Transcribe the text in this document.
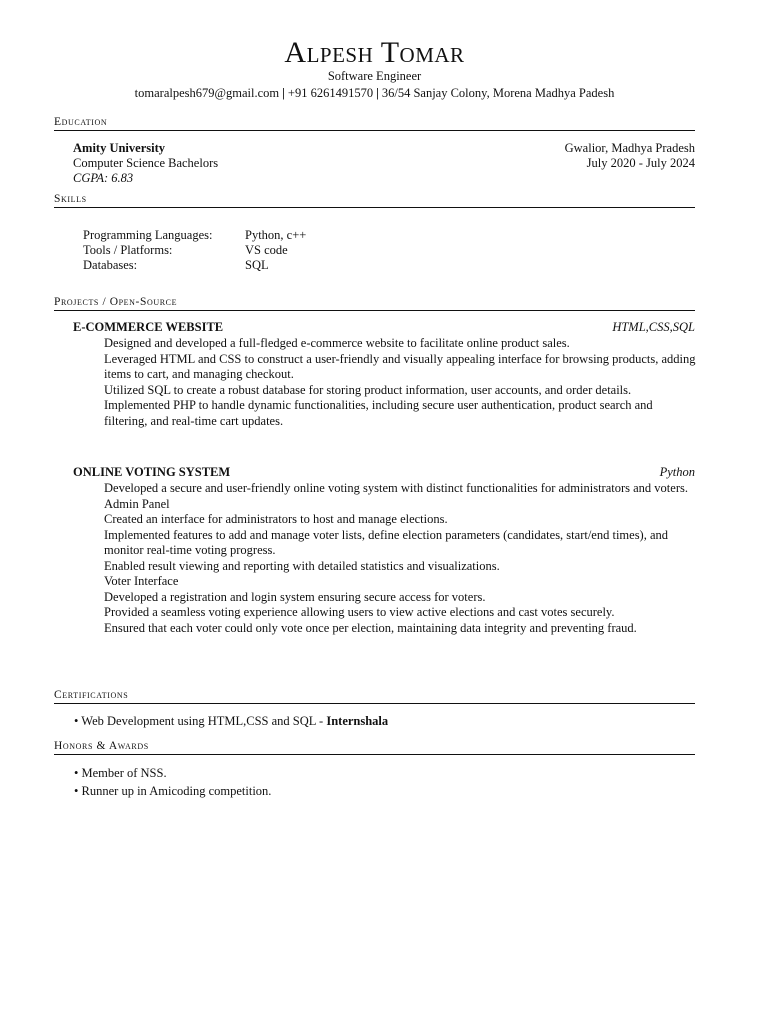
Alpesh Tomar
Software Engineer
tomaralpesh679@gmail.com | +91 6261491570 | 36/54 Sanjay Colony, Morena Madhya Padesh
Education
Amity University	Gwalior, Madhya Pradesh
Computer Science Bachelors	July 2020 - July 2024
CGPA: 6.83
Skills
Programming Languages:	Python, c++
Tools / Platforms:	VS code
Databases:	SQL
Projects / Open-Source
E-COMMERCE WEBSITE	HTML,CSS,SQL
Designed and developed a full-fledged e-commerce website to facilitate online product sales.
Leveraged HTML and CSS to construct a user-friendly and visually appealing interface for browsing products, adding items to cart, and managing checkout.
Utilized SQL to create a robust database for storing product information, user accounts, and order details.
Implemented PHP to handle dynamic functionalities, including secure user authentication, product search and filtering, and real-time cart updates.
ONLINE VOTING SYSTEM	Python
Developed a secure and user-friendly online voting system with distinct functionalities for administrators and voters.
Admin Panel
Created an interface for administrators to host and manage elections.
Implemented features to add and manage voter lists, define election parameters (candidates, start/end times), and monitor real-time voting progress.
Enabled result viewing and reporting with detailed statistics and visualizations.
Voter Interface
Developed a registration and login system ensuring secure access for voters.
Provided a seamless voting experience allowing users to view active elections and cast votes securely.
Ensured that each voter could only vote once per election, maintaining data integrity and preventing fraud.
Certifications
• Web Development using HTML,CSS and SQL - Internshala
Honors & Awards
• Member of NSS.
• Runner up in Amicoding competition.
